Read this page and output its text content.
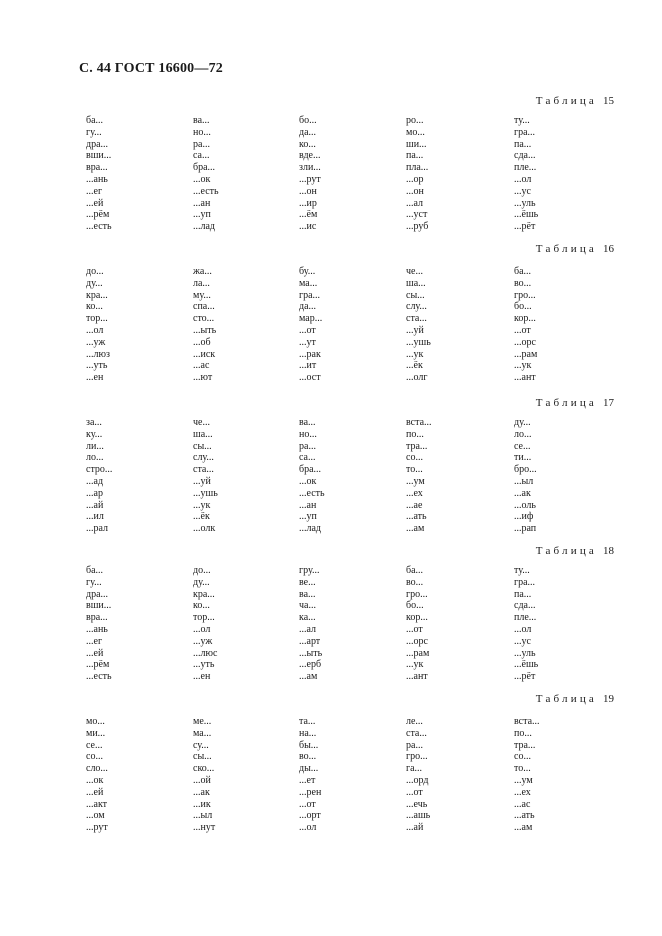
С. 44 ГОСТ 16600—72
Таблица 15
ба...
гу...
дра...
вши...
вра...
...ань
...ег
...ей
...рём
...есть
ва...
но...
ра...
са...
бра...
...ок
...есть
...ан
...уп
...лад
бо...
да...
ко...
вде...
зли...
...рут
...он
...ир
...ём
...ис
ро...
мо...
ши...
па...
пла...
...ор
...он
...ал
...уст
...руб
ту...
гра...
па...
сда...
пле...
...ол
...ус
...уль
...ёшь
...рёт
Таблица 16
до...
ду...
кра...
ко...
тор...
...ол
...уж
...люз
...уть
...ен
жа...
ла...
му...
спа...
сто...
...ыть
...об
...иск
...ас
...ют
бу...
ма...
гра...
да...
мар...
...от
...ут
...рак
...ит
...ост
че...
ша...
сы...
слу...
ста...
...уй
...ушь
...ук
...ёк
...олг
ба...
во...
гро...
бо...
кор...
...от
...орс
...рам
...ук
...ант
Таблица 17
за...
ку...
ли...
ло...
стро...
...ад
...ар
...ай
...ил
...рал
че...
ша...
сы...
слу...
ста...
...уй
...ушь
...ук
...ёк
...олк
ва...
но...
ра...
са...
бра...
...ок
...есть
...ан
...уп
...лад
вста...
по...
тра...
со...
то...
...ум
...ех
...ае
...ать
...ам
ду...
ло...
се...
ти...
бро...
...ыл
...ак
...оль
...иф
...рап
Таблица 18
ба...
гу...
дра...
вши...
вра...
...ань
...ег
...ей
...рём
...есть
до...
ду...
кра...
ко...
тор...
...ол
...уж
...люс
...уть
...ен
гру...
ве...
ва...
ча...
ка...
...ал
...арт
...ыть
...ерб
...ам
ба...
во...
гро...
бо...
кор...
...от
...орс
...рам
...ук
...ант
ту...
гра...
па...
сда...
пле...
...ол
...ус
...уль
...ёшь
...рёт
Таблица 19
мо...
ми...
се...
со...
сло...
...ок
...ей
...акт
...ом
...рут
ме...
ма...
су...
сы...
ско...
...ой
...ак
...ик
...ыл
...нут
та...
на...
бы...
во...
ды...
...ет
...рен
...от
...орт
...ол
ле...
ста...
ра...
гро...
га...
...орд
...от
...ечь
...ашь
...ай
вста...
по...
тра...
со...
то...
...ум
...ех
...ас
...ать
...ам
